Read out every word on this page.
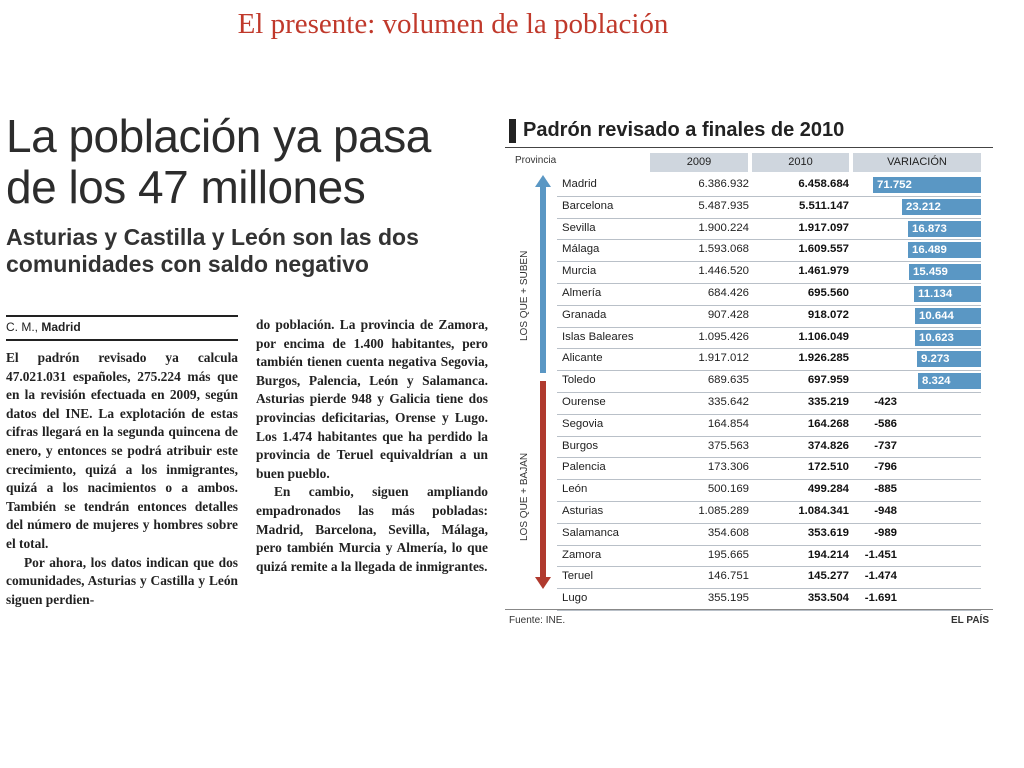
El presente: volumen de la población
La población ya pasa
de los 47 millones
Asturias y Castilla y León son las dos
comunidades con saldo negativo
C. M., Madrid

El padrón revisado ya calcula 47.021.031 españoles, 275.224 más que en la revisión efectuada en 2009, según datos del INE. La explotación de estas cifras llegará en la segunda quincena de enero, y entonces se podrá atribuir este crecimiento, quizá a los inmigrantes, quizá a los nacimientos o a ambos. También se tendrán entonces detalles del número de mujeres y hombres sobre el total.

Por ahora, los datos indican que dos comunidades, Asturias y Castilla y León siguen perdien-

do población. La provincia de Zamora, por encima de 1.400 habitantes, pero también tienen cuenta negativa Segovia, Burgos, Palencia, León y Salamanca. Asturias pierde 948 y Galicia tiene dos provincias deficitarias, Orense y Lugo. Los 1.474 habitantes que ha perdido la provincia de Teruel equivaldrían a un buen pueblo.

En cambio, siguen ampliando empadronados las más pobladas: Madrid, Barcelona, Sevilla, Málaga, pero también Murcia y Almería, lo que quizá remite a la llegada de inmigrantes.

Padrón revisado a finales de 2010
Provincia	2009	2010	VARIACIÓN
LOS QUE + SUBEN
LOS QUE + BAJAN
Madrid	6.386.932	6.458.684	71.752
Barcelona	5.487.935	5.511.147	23.212
Sevilla	1.900.224	1.917.097	16.873
Málaga	1.593.068	1.609.557	16.489
Murcia	1.446.520	1.461.979	15.459
Almería	684.426	695.560	11.134
Granada	907.428	918.072	10.644
Islas Baleares	1.095.426	1.106.049	10.623
Alicante	1.917.012	1.926.285	9.273
Toledo	689.635	697.959	8.324
Ourense	335.642	335.219	-423
Segovia	164.854	164.268	-586
Burgos	375.563	374.826	-737
Palencia	173.306	172.510	-796
León	500.169	499.284	-885
Asturias	1.085.289	1.084.341	-948
Salamanca	354.608	353.619	-989
Zamora	195.665	194.214	-1.451
Teruel	146.751	145.277	-1.474
Lugo	355.195	353.504	-1.691
Fuente: INE.	EL PAÍS
